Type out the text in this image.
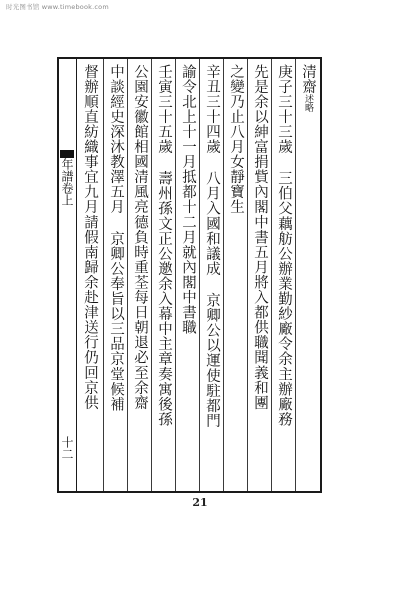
时光图书馆 www.timebook.com
年譜卷上
十二
清齋述略
庚子三十三歲 三伯父藕舫公辦業勤紗廠令余主辦廠務
先是余以紳富捐貲內閣中書五月將入都供職聞義和團
之變乃止八月女靜寶生
辛丑三十四歲 八月入國和議成 京卿公以運使駐都門
諭令北上十一月抵都十二月就內閣中書職
壬寅三十五歲 壽州孫文正公邀余入幕中主章奏寓後孫
公園安徽館相國清風亮德負時重荃每日朝退必至余齋
中談經史深沐教澤五月 京卿公奉旨以三品京堂候補
督辦順直紡織事宜九月請假南歸余赴津送行仍回京供
21
